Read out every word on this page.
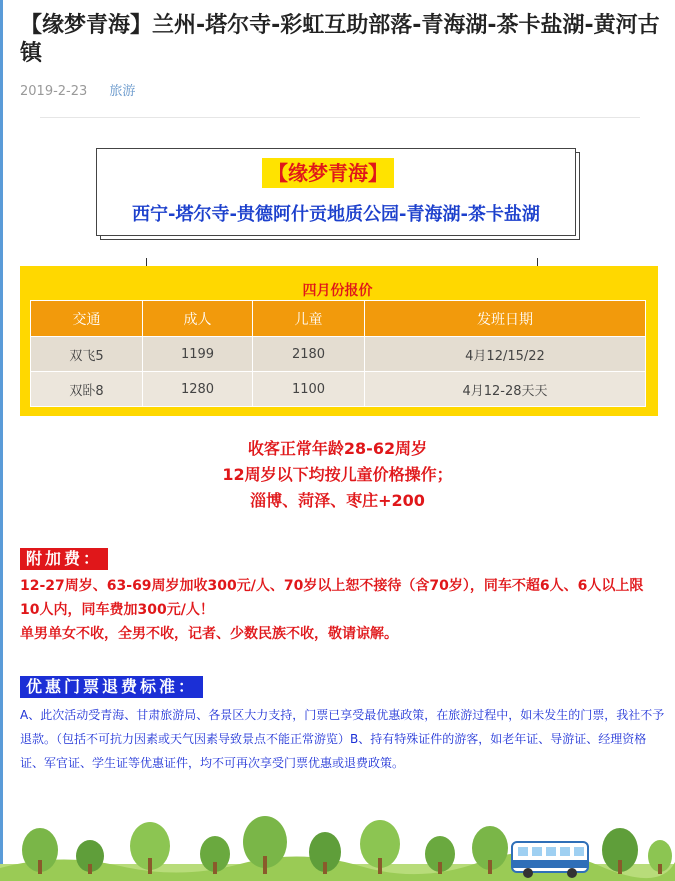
【缘梦青海】兰州-塔尔寺-彩虹互助部落-青海湖-茶卡盐湖-黄河古镇
2019-2-23 旅游
【缘梦青海】
西宁-塔尔寺-贵德阿什贡地质公园-青海湖-茶卡盐湖
四月份报价
交通	成人	儿童	发班日期
双飞5	1199	2180	4月12/15/22
双卧8	1280	1100	4月12-28天天
收客正常年龄28-62周岁
12周岁以下均按儿童价格操作；
淄博、菏泽、枣庄+200
附加费：
12-27周岁、63-69周岁加收300元/人、70岁以上恕不接待（含70岁），同车不超6人、6人以上限10人内，同车费加300元/人！
单男单女不收，全男不收，记者、少数民族不收，敬请谅解。
优惠门票退费标准：
A、此次活动受青海、甘肃旅游局、各景区大力支持，门票已享受最优惠政策，在旅游过程中，如未发生的门票，我社不予退款。（包括不可抗力因素或天气因素导致景点不能正常游览）B、持有特殊证件的游客，如老年证、导游证、经理资格证、军官证、学生证等优惠证件，均不可再次享受门票优惠或退费政策。
